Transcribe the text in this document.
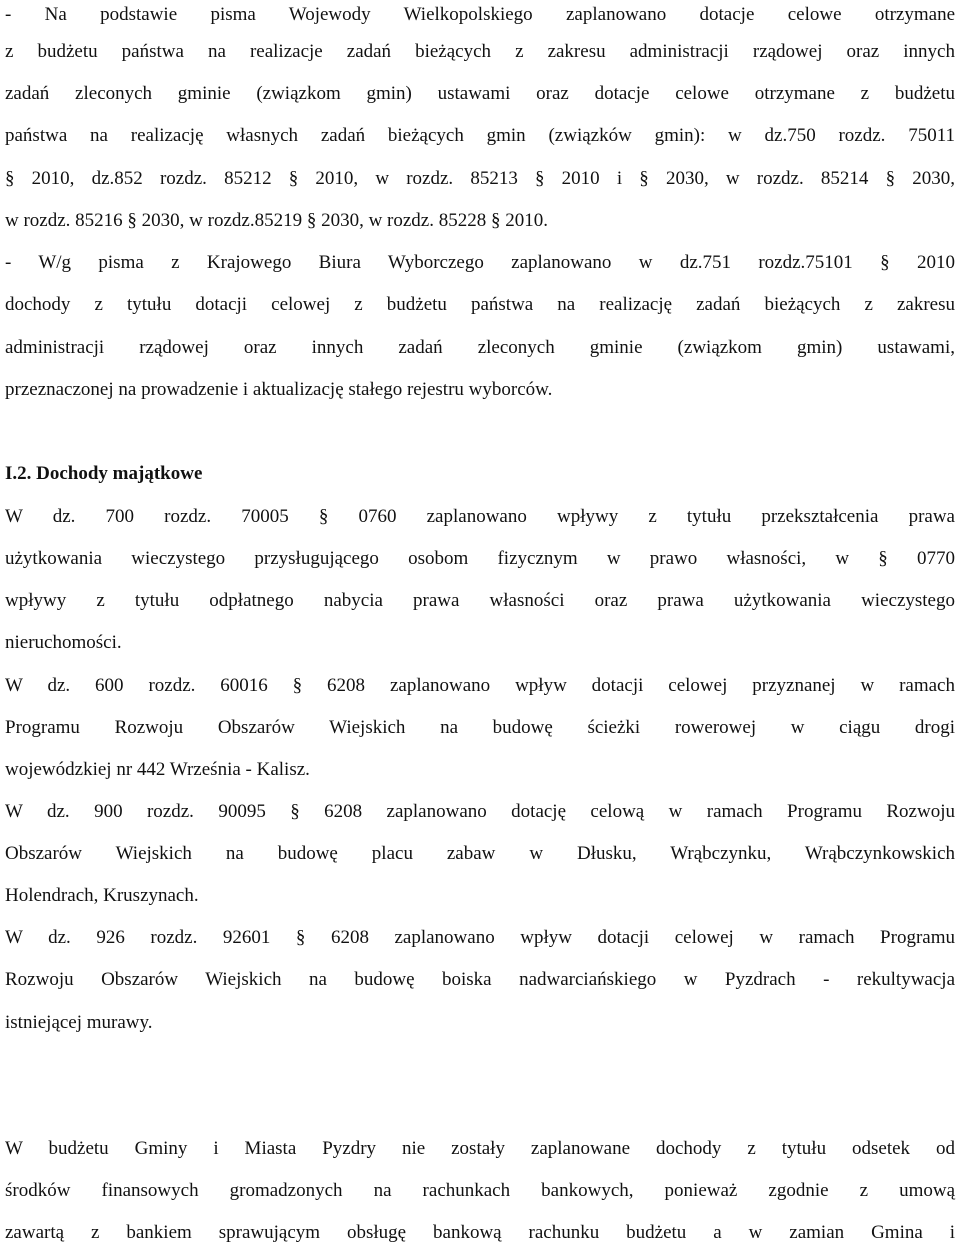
- Na podstawie pisma Wojewody Wielkopolskiego zaplanowano dotacje celowe otrzymane
z budżetu państwa na realizacje zadań bieżących z zakresu administracji rządowej oraz innych
zadań zleconych gminie (związkom gmin) ustawami oraz dotacje celowe otrzymane z budżetu
państwa na realizację własnych zadań bieżących gmin (związków gmin): w dz.750 rozdz. 75011
§ 2010, dz.852 rozdz. 85212 § 2010, w rozdz. 85213 § 2010 i § 2030, w rozdz. 85214 § 2030,
w rozdz. 85216 § 2030, w rozdz.85219 § 2030, w rozdz. 85228 § 2010.
- W/g pisma z Krajowego Biura Wyborczego zaplanowano w dz.751 rozdz.75101 § 2010
dochody z tytułu dotacji celowej z budżetu państwa na realizację zadań bieżących z zakresu
administracji rządowej oraz innych zadań zleconych gminie (związkom gmin) ustawami,
przeznaczonej na prowadzenie i aktualizację stałego rejestru wyborców.
I.2. Dochody majątkowe
W dz. 700 rozdz. 70005 § 0760 zaplanowano wpływy z tytułu przekształcenia prawa
użytkowania wieczystego przysługującego osobom fizycznym w prawo własności, w § 0770
wpływy z tytułu odpłatnego nabycia prawa własności oraz prawa użytkowania wieczystego
nieruchomości.
W dz. 600 rozdz. 60016 § 6208 zaplanowano wpływ dotacji celowej przyznanej w ramach
Programu Rozwoju Obszarów Wiejskich na budowę ścieżki rowerowej w ciągu drogi
wojewódzkiej nr 442 Września - Kalisz.
W dz. 900 rozdz. 90095 § 6208 zaplanowano dotację celową w ramach Programu Rozwoju
Obszarów Wiejskich na budowę placu zabaw w Dłusku, Wrąbczynku, Wrąbczynkowskich
Holendrach, Kruszynach.
W dz. 926 rozdz. 92601 § 6208 zaplanowano wpływ dotacji celowej w ramach Programu
Rozwoju Obszarów Wiejskich na budowę boiska nadwarciańskiego w Pyzdrach - rekultywacja
istniejącej murawy.
W budżetu Gminy i Miasta Pyzdry nie zostały zaplanowane dochody z tytułu odsetek od
środków finansowych gromadzonych na rachunkach bankowych, ponieważ zgodnie z umową
zawartą z bankiem sprawującym obsługę bankową rachunku budżetu a w zamian Gmina i
